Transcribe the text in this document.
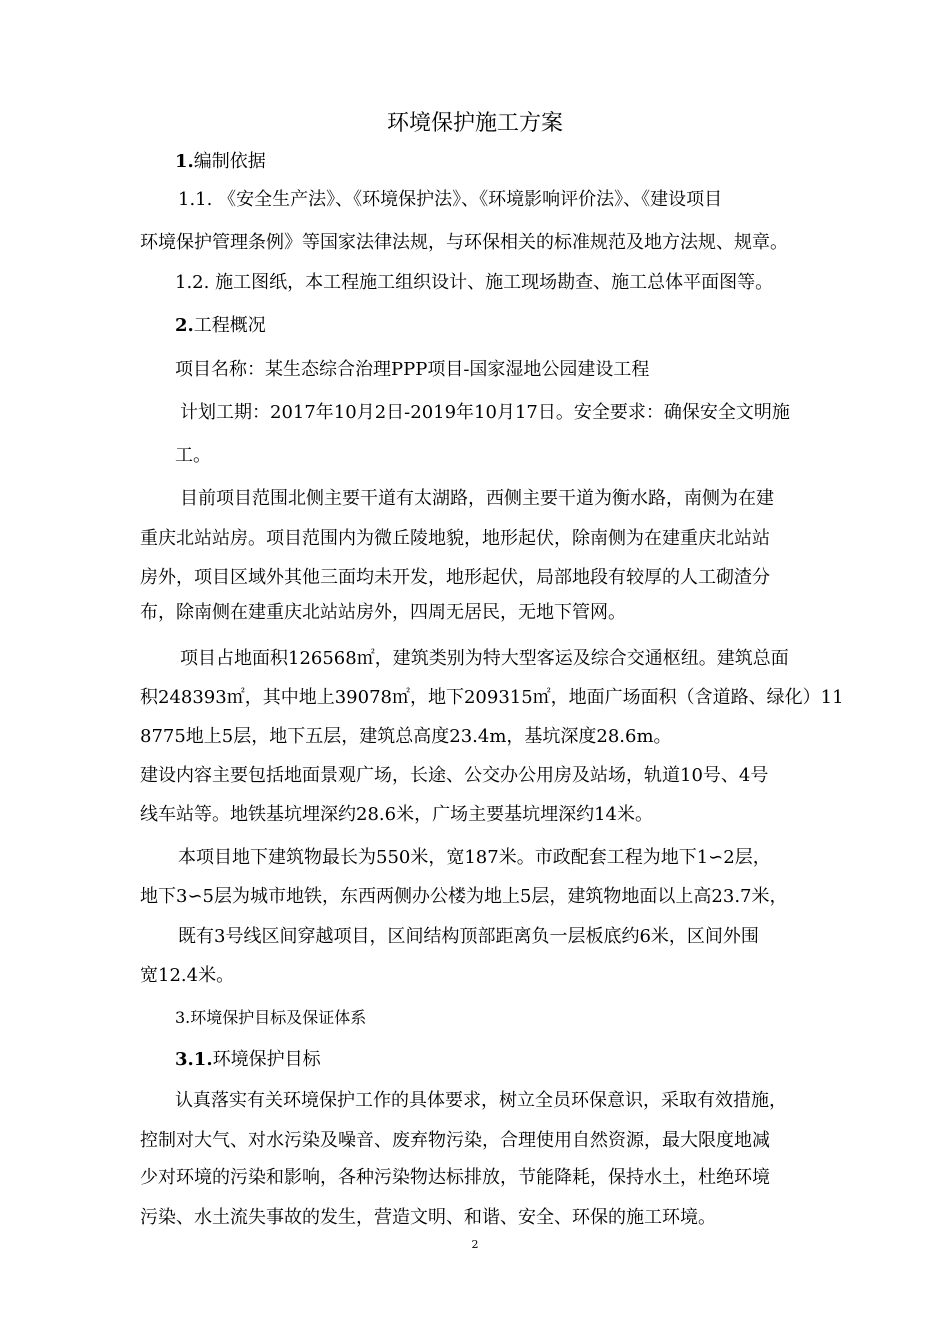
环境保护施工方案
1.编制依据
1.1. 《安全生产法》、《环境保护法》、《环境影响评价法》、《建设项目
环境保护管理条例》等国家法律法规，与环保相关的标准规范及地方法规、规章。
1.2. 施工图纸，本工程施工组织设计、施工现场勘查、施工总体平面图等。
2.工程概况
项目名称：某生态综合治理PPP项目-国家湿地公园建设工程
计划工期：2017年10月2日-2019年10月17日。安全要求：确保安全文明施
工。
目前项目范围北侧主要干道有太湖路，西侧主要干道为衡水路，南侧为在建
重庆北站站房。项目范围内为微丘陵地貌，地形起伏，除南侧为在建重庆北站站
房外，项目区域外其他三面均未开发，地形起伏，局部地段有较厚的人工砌渣分
布，除南侧在建重庆北站站房外，四周无居民，无地下管网。
项目占地面积126568㎡，建筑类别为特大型客运及综合交通枢纽。建筑总面
积248393㎡，其中地上39078㎡，地下209315㎡，地面广场面积（含道路、绿化）11
8775地上5层，地下五层，建筑总高度23.4m，基坑深度28.6m。
建设内容主要包括地面景观广场，长途、公交办公用房及站场，轨道10号、4号
线车站等。地铁基坑埋深约28.6米，广场主要基坑埋深约14米。
本项目地下建筑物最长为550米，宽187米。市政配套工程为地下1∽2层，
地下3∽5层为城市地铁，东西两侧办公楼为地上5层，建筑物地面以上高23.7米，
既有3号线区间穿越项目，区间结构顶部距离负一层板底约6米，区间外围
宽12.4米。
3.环境保护目标及保证体系
3.1.环境保护目标
认真落实有关环境保护工作的具体要求，树立全员环保意识，采取有效措施，
控制对大气、对水污染及噪音、废弃物污染，合理使用自然资源，最大限度地减
少对环境的污染和影响，各种污染物达标排放，节能降耗，保持水土，杜绝环境
污染、水土流失事故的发生，营造文明、和谐、安全、环保的施工环境。
2
